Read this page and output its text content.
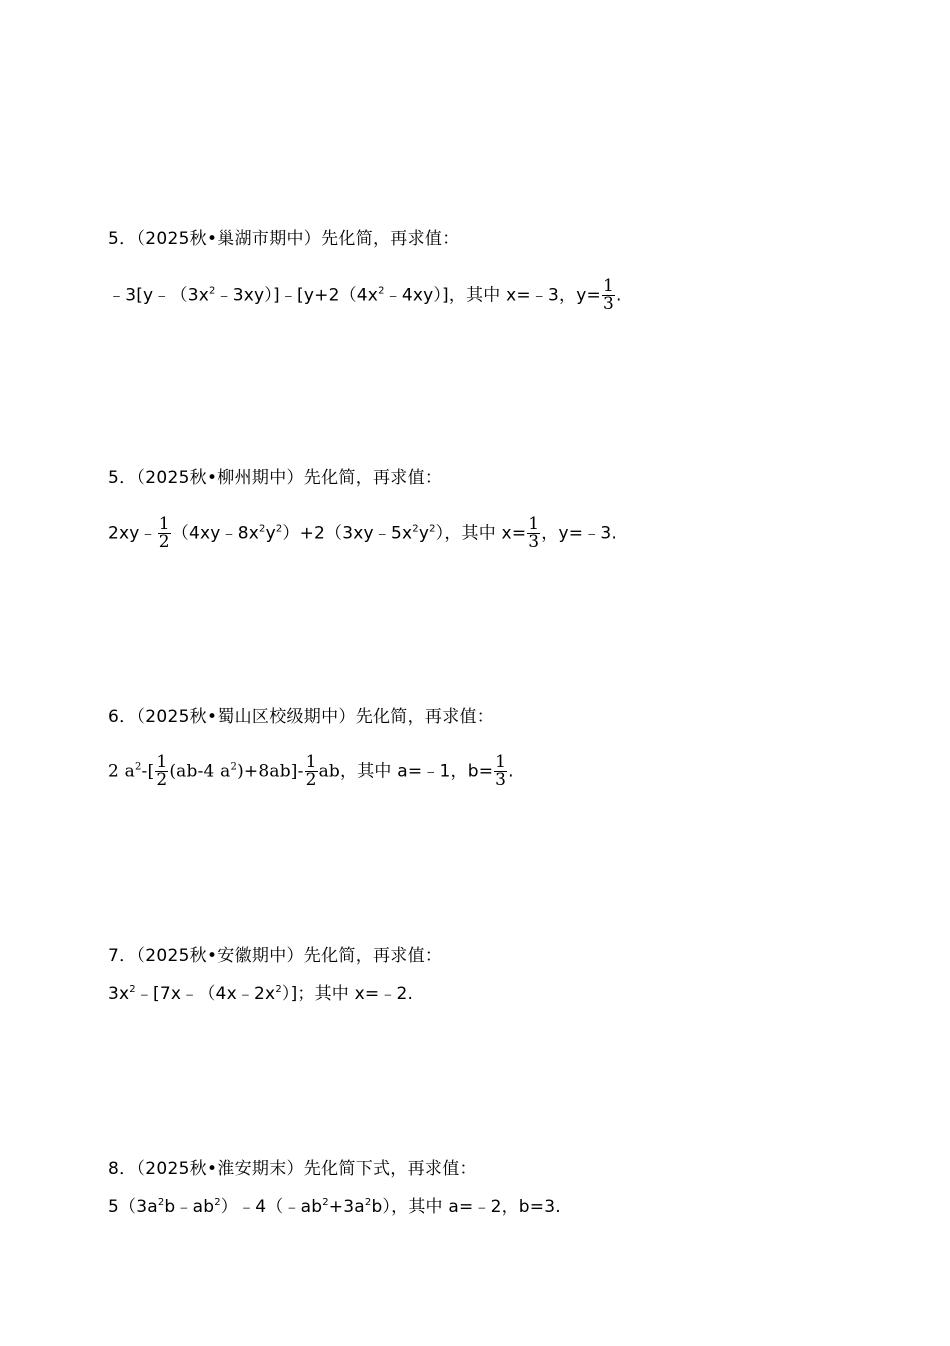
5．（2025秋•巢湖市期中）先化简，再求值：
$﹣3[y﹣(3x^2﹣3xy)]﹣[y+2(4x^2﹣4xy)]$，其中 x=﹣3，$y= \frac{1}{3}$ .
5．（2025秋•柳州期中）先化简，再求值：
2xy﹣ $\frac{1}{2}$ $(4xy﹣8x^2y^2)+2(3xy﹣5x^2y^2)$，其中 $x= \frac{1}{3}$ ，y=﹣3.
6．（2025秋•蜀山区校级期中）先化简，再求值：
2 $a^2-[ \frac{1}{2} (ab-4$ $a^2)+8ab]- \frac{1}{2}$ ab，其中 a=﹣1，$b= \frac{1}{3}$ .
7．（2025秋•安徽期中）先化简，再求值：
$3x^2﹣[7x﹣(4x﹣2x^2)]$；其中 x=﹣2.
8．（2025秋•淮安期末）先化简下式，再求值：
$5(3a^2b﹣ab^2)﹣4(﹣ab^2+3a^2b)$，其中 a=﹣2，b=3.
